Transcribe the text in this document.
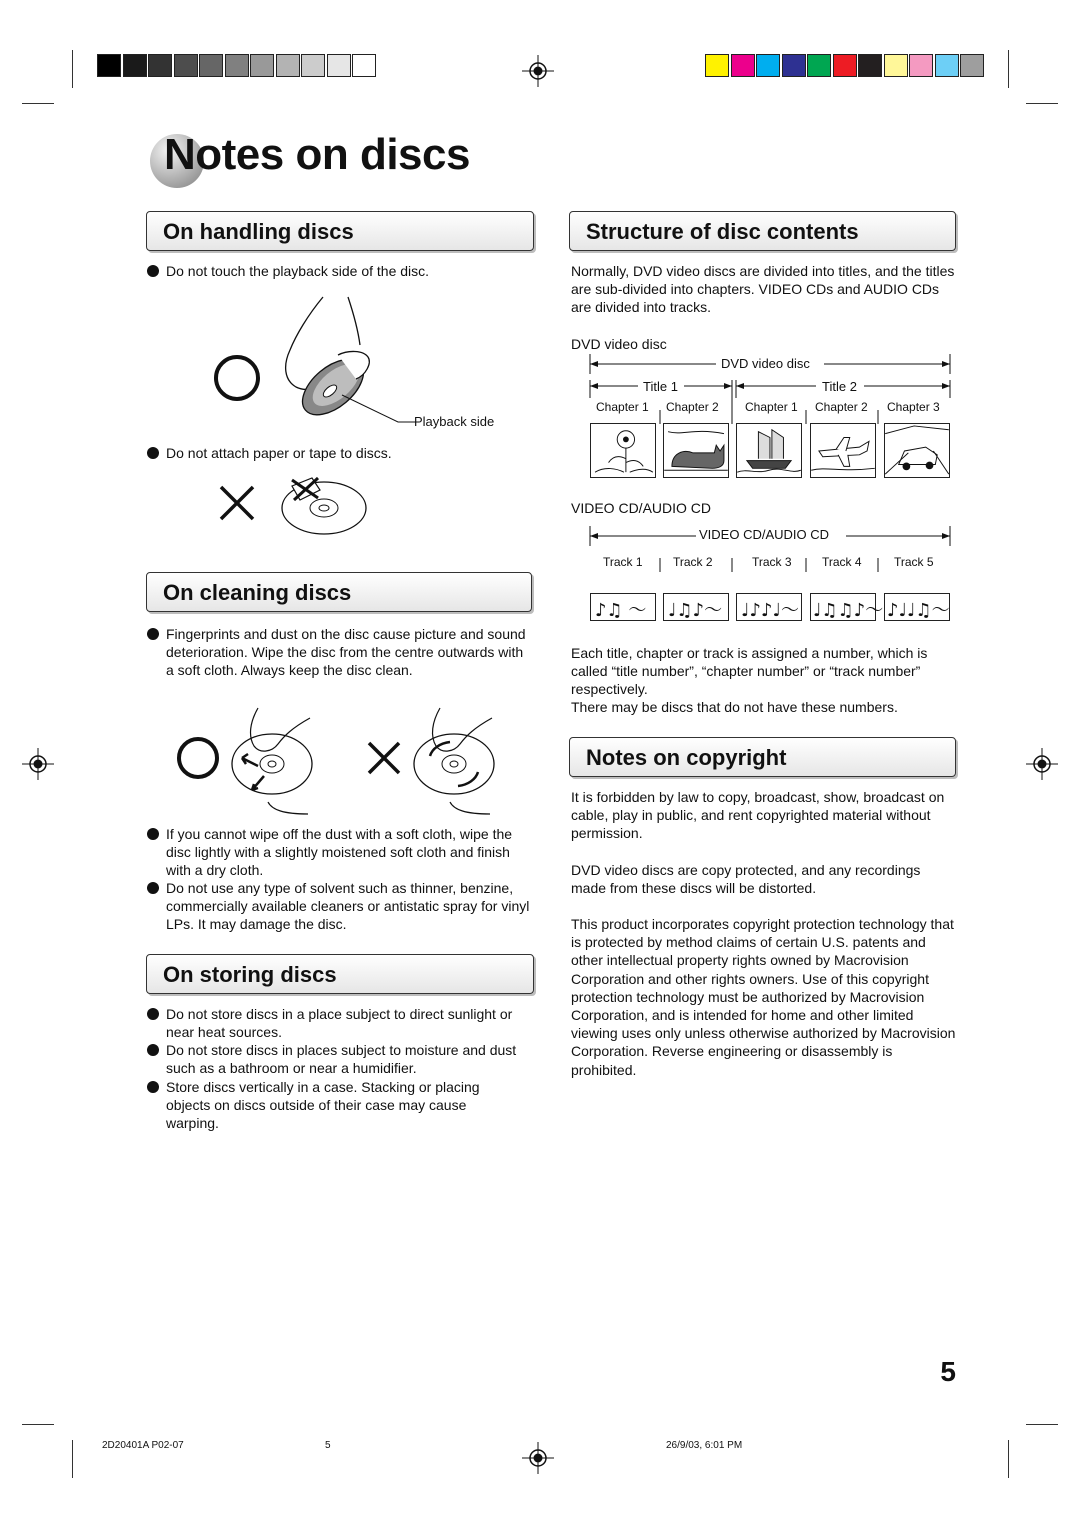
Notes on discs
On handling discs
Do not touch the playback side of the disc.
Playback side
Do not attach paper or tape to discs.
On cleaning discs
Fingerprints and dust on the disc cause picture and sound deterioration. Wipe the disc from the centre outwards with a soft cloth. Always keep the disc clean.
If you cannot wipe off the dust with a soft cloth, wipe the disc lightly with a slightly moistened soft cloth and finish with a dry cloth.
Do not use any type of solvent such as thinner, benzine, commercially available cleaners or antistatic spray for vinyl LPs. It may damage the disc.
On storing discs
Do not store discs in a place subject to direct sunlight or near heat sources.
Do not store discs in places subject to moisture and dust such as a bathroom or near a humidifier.
Store discs vertically in a case. Stacking or placing objects on discs outside of their case may cause warping.
Structure of disc contents
Normally, DVD video discs are divided into titles, and the titles are sub-divided into chapters. VIDEO CDs and AUDIO CDs are divided into tracks.
DVD video disc
DVD video disc
Title 1	Title 2
Chapter 1 Chapter 2 Chapter 1 Chapter 2 Chapter 3
VIDEO CD/AUDIO CD
VIDEO CD/AUDIO CD
Track 1	Track 2	Track 3	Track 4	Track 5
♪♫ ～ ♩♫♪～ ♩♪♪♩～ ♩♫♫♪～ ♪♩♩♫～
Each title, chapter or track is assigned a number, which is called “title number”, “chapter number” or “track number” respectively.
There may be discs that do not have these numbers.
Notes on copyright
It is forbidden by law to copy, broadcast, show, broadcast on cable, play in public, and rent copyrighted material without permission.
DVD video discs are copy protected, and any recordings made from these discs will be distorted.
This product incorporates copyright protection technology that is protected by method claims of certain U.S. patents and other intellectual property rights owned by Macrovision Corporation and other rights owners. Use of this copyright protection technology must be authorized by Macrovision Corporation, and is intended for home and other limited viewing uses only unless otherwise authorized by Macrovision Corporation. Reverse engineering or disassembly is prohibited.
5
2D20401A P02-07	5	26/9/03, 6:01 PM
